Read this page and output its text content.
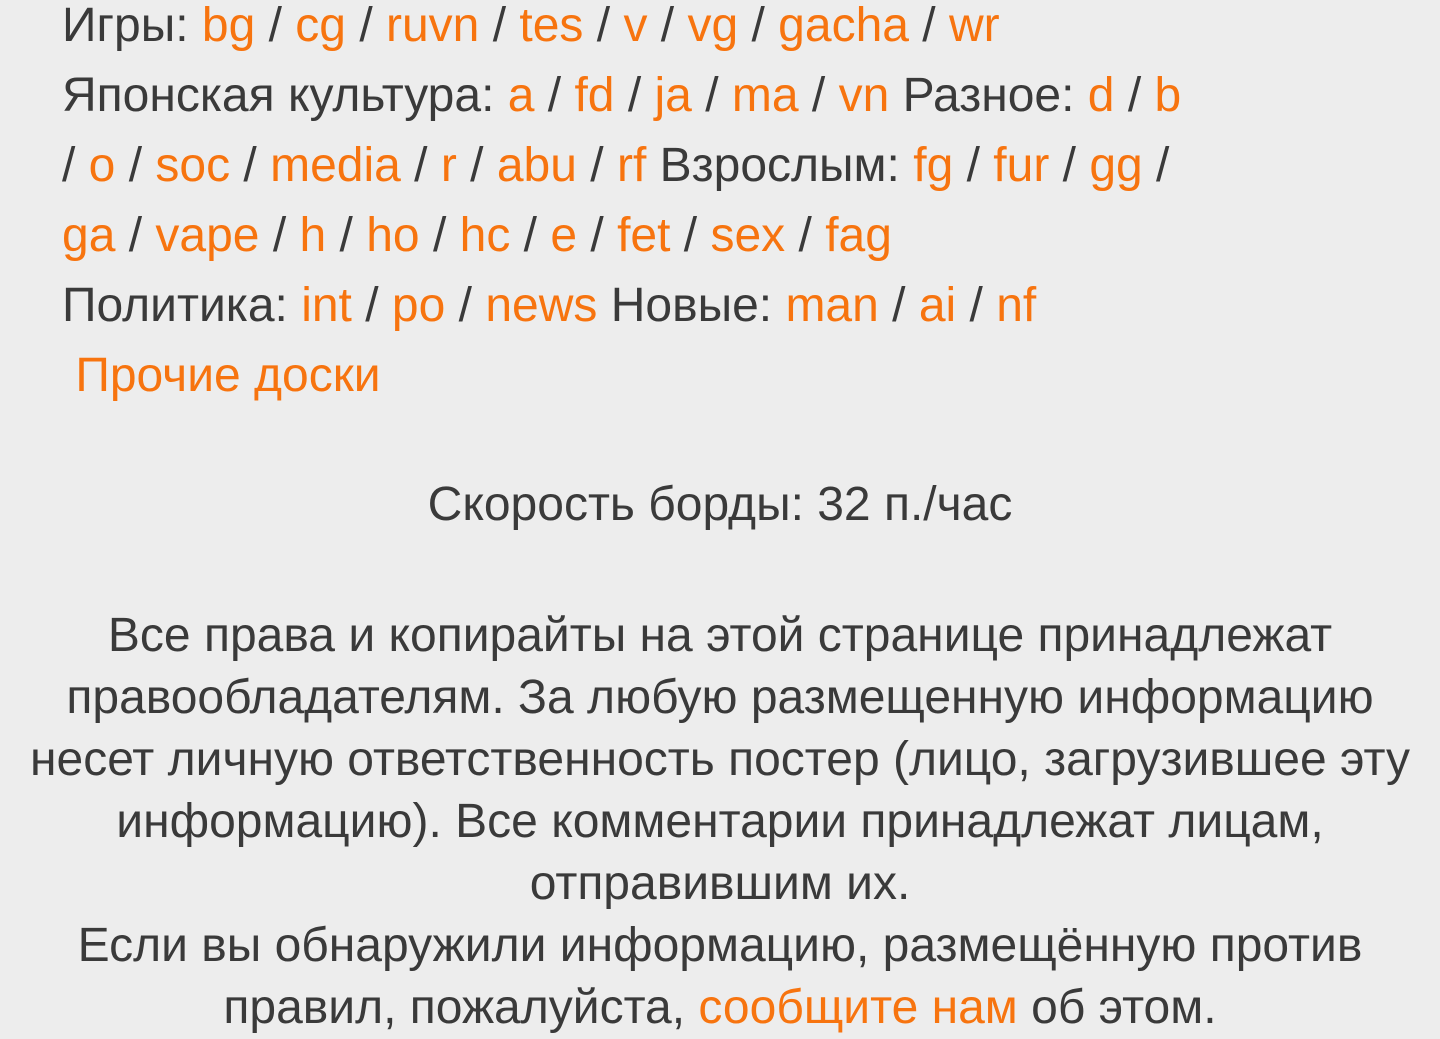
Игры: bg / cg / ruvn / tes / v / vg / gacha / wr
Японская культура: a / fd / ja / ma / vn Разное: d / b
/ o / soc / media / r / abu / rf Взрослым: fg / fur / gg /
ga / vape / h / ho / hc / e / fet / sex / fag
Политика: int / po / news Новые: man / ai / nf
Прочие доски
Скорость борды: 32 п./час
Все права и копирайты на этой странице принадлежат
правообладателям. За любую размещенную информацию
несет личную ответственность постер (лицо, загрузившее эту
информацию). Все комментарии принадлежат лицам,
отправившим их.
Если вы обнаружили информацию, размещённую против
правил, пожалуйста, сообщите нам об этом.
